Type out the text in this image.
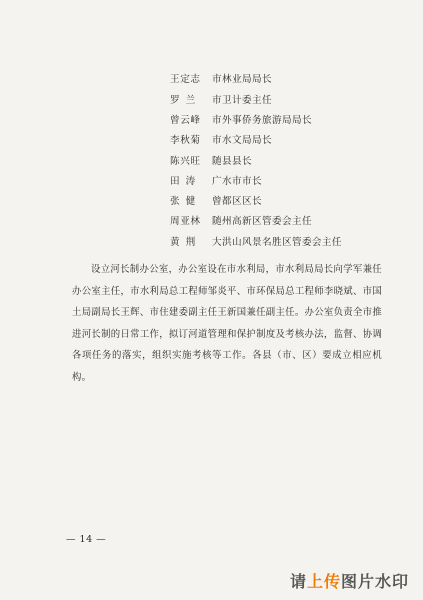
王定志	市林业局局长
罗兰	市卫计委主任
曾云峰	市外事侨务旅游局局长
李秋菊	市水文局局长
陈兴旺	随县县长
田涛	广水市市长
张健	曾都区区长
周亚林	随州高新区管委会主任
黄荆	大洪山风景名胜区管委会主任

设立河长制办公室，办公室设在市水利局，市水利局局长向学军兼任办公室主任，市水利局总工程师邹炎平、市环保局总工程师李晓斌、市国土局副局长王辉、市住建委副主任王新国兼任副主任。办公室负责全市推进河长制的日常工作，拟订河道管理和保护制度及考核办法，监督、协调各项任务的落实，组织实施考核等工作。各县（市、区）要成立相应机构。

— 14 —
请上传图片水印
